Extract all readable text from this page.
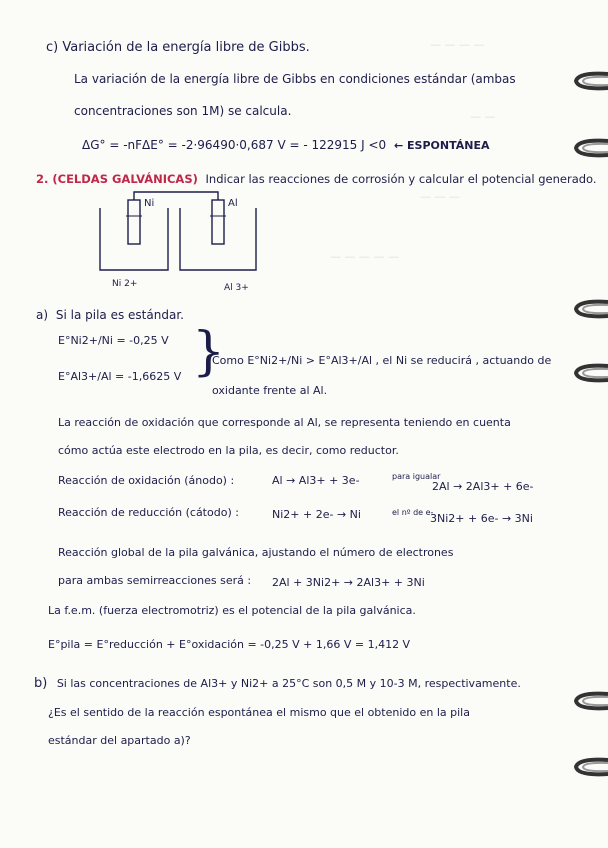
— — — —
— —
— — —
— — — — —
c) Variación de la energía libre de Gibbs.
La variación de la energía libre de Gibbs en condiciones estándar (ambas
concentraciones son 1M) se calcula.
ΔG° = -nFΔE° = -2·96490·0,687 V = - 122915 J <0 ← ESPONTÁNEA
2. (CELDAS GALVÁNICAS) Indicar las reacciones de corrosión y calcular el potencial generado.
Ni	Al
Ni 2+	Al 3+
a) Si la pila es estándar.
E°Ni2+/Ni = -0,25 V
E°Al3+/Al = -1,6625 V }
Como E°Ni2+/Ni > E°Al3+/Al , el Ni se reducirá , actuando de
oxidante frente al Al.
La reacción de oxidación que corresponde al Al, se representa teniendo en cuenta
cómo actúa este electrodo en la pila, es decir, como reductor.
Reacción de oxidación (ánodo) :	Al → Al3+ + 3e-	para igualar
2Al → 2Al3+ + 6e-
Reacción de reducción (cátodo) :	Ni2+ + 2e- → Ni	el nº de e-
3Ni2+ + 6e- → 3Ni
Reacción global de la pila galvánica, ajustando el número de electrones
para ambas semirreacciones será : 2Al + 3Ni2+ → 2Al3+ + 3Ni
La f.e.m. (fuerza electromotriz) es el potencial de la pila galvánica.
E°pila = E°reducción + E°oxidación = -0,25 V + 1,66 V = 1,412 V
b) Si las concentraciones de Al3+ y Ni2+ a 25°C son 0,5 M y 10-3 M, respectivamente.
¿Es el sentido de la reacción espontánea el mismo que el obtenido en la pila
estándar del apartado a)?
